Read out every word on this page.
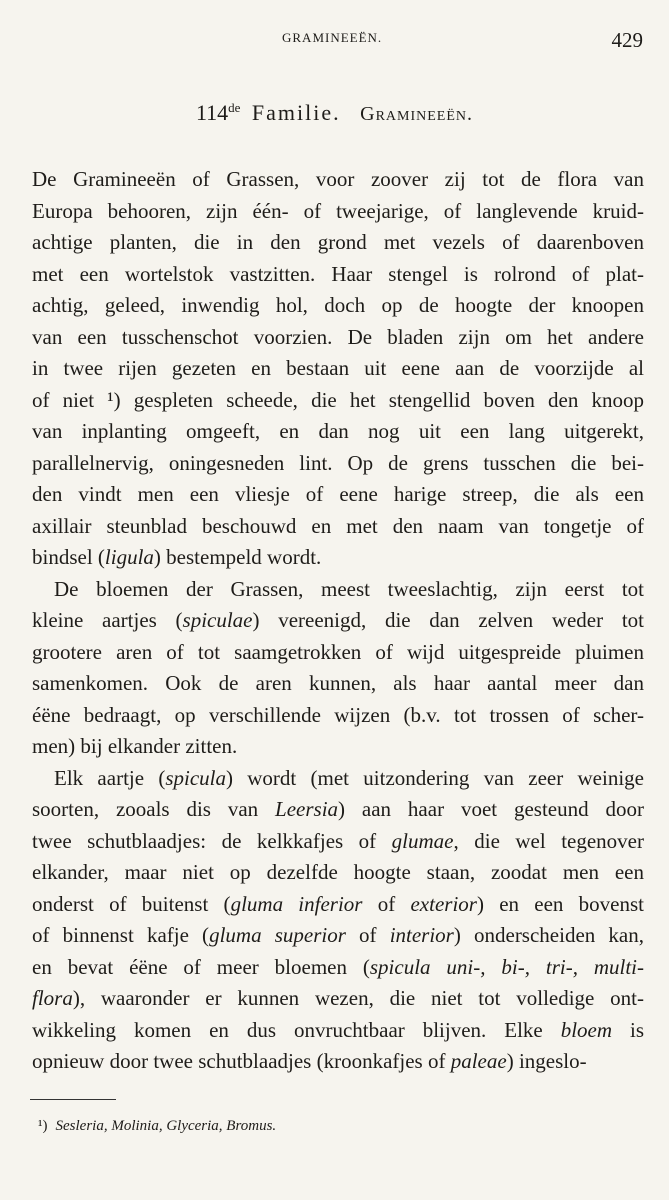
GRAMINEEËN.	429
114de Familie. Gramineeën.
De Gramineeën of Grassen, voor zoover zij tot de flora van
Europa behooren, zijn één- of tweejarige, of langlevende kruid-
achtige planten, die in den grond met vezels of daarenboven
met een wortelstok vastzitten. Haar stengel is rolrond of plat-
achtig, geleed, inwendig hol, doch op de hoogte der knoopen
van een tusschenschot voorzien. De bladen zijn om het andere
in twee rijen gezeten en bestaan uit eene aan de voorzijde al
of niet ¹) gespleten scheede, die het stengellid boven den knoop
van inplanting omgeeft, en dan nog uit een lang uitgerekt,
parallelnervig, oningesneden lint. Op de grens tusschen die bei-
den vindt men een vliesje of eene harige streep, die als een
axillair steunblad beschouwd en met den naam van tongetje of
bindsel (ligula) bestempeld wordt.
De bloemen der Grassen, meest tweeslachtig, zijn eerst tot
kleine aartjes (spiculae) vereenigd, die dan zelven weder tot
grootere aren of tot saamgetrokken of wijd uitgespreide pluimen
samenkomen. Ook de aren kunnen, als haar aantal meer dan
éëne bedraagt, op verschillende wijzen (b.v. tot trossen of scher-
men) bij elkander zitten.
Elk aartje (spicula) wordt (met uitzondering van zeer weinige
soorten, zooals dis van Leersia) aan haar voet gesteund door
twee schutblaadjes: de kelkkafjes of glumae, die wel tegenover
elkander, maar niet op dezelfde hoogte staan, zoodat men een
onderst of buitenst (gluma inferior of exterior) en een bovenst
of binnenst kafje (gluma superior of interior) onderscheiden kan,
en bevat éëne of meer bloemen (spicula uni-, bi-, tri-, multi-
flora), waaronder er kunnen wezen, die niet tot volledige ont-
wikkeling komen en dus onvruchtbaar blijven. Elke bloem is
opnieuw door twee schutblaadjes (kroonkafjes of paleae) ingeslo-
¹) Sesleria, Molinia, Glyceria, Bromus.
